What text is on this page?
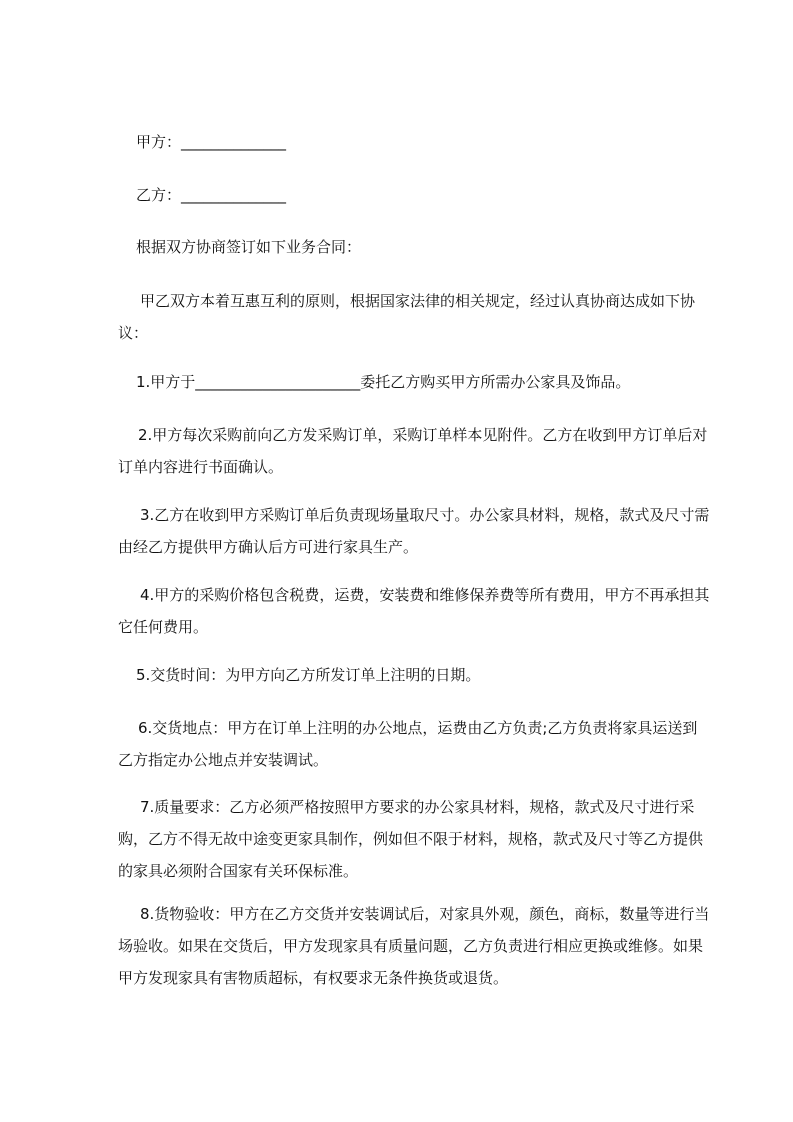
甲方：______________
乙方：______________
根据双方协商签订如下业务合同：
甲乙双方本着互惠互利的原则，根据国家法律的相关规定，经过认真协商达成如下协议：
1.甲方于______________________委托乙方购买甲方所需办公家具及饰品。
2.甲方每次采购前向乙方发采购订单，采购订单样本见附件。乙方在收到甲方订单后对订单内容进行书面确认。
3.乙方在收到甲方采购订单后负责现场量取尺寸。办公家具材料，规格，款式及尺寸需由经乙方提供甲方确认后方可进行家具生产。
4.甲方的采购价格包含税费，运费，安装费和维修保养费等所有费用，甲方不再承担其它任何费用。
5.交货时间：为甲方向乙方所发订单上注明的日期。
6.交货地点：甲方在订单上注明的办公地点，运费由乙方负责;乙方负责将家具运送到乙方指定办公地点并安装调试。
7.质量要求：乙方必须严格按照甲方要求的办公家具材料，规格，款式及尺寸进行采购，乙方不得无故中途变更家具制作，例如但不限于材料，规格，款式及尺寸等乙方提供的家具必须附合国家有关环保标准。
8.货物验收：甲方在乙方交货并安装调试后，对家具外观，颜色，商标，数量等进行当场验收。如果在交货后，甲方发现家具有质量问题，乙方负责进行相应更换或维修。如果甲方发现家具有害物质超标，有权要求无条件换货或退货。
